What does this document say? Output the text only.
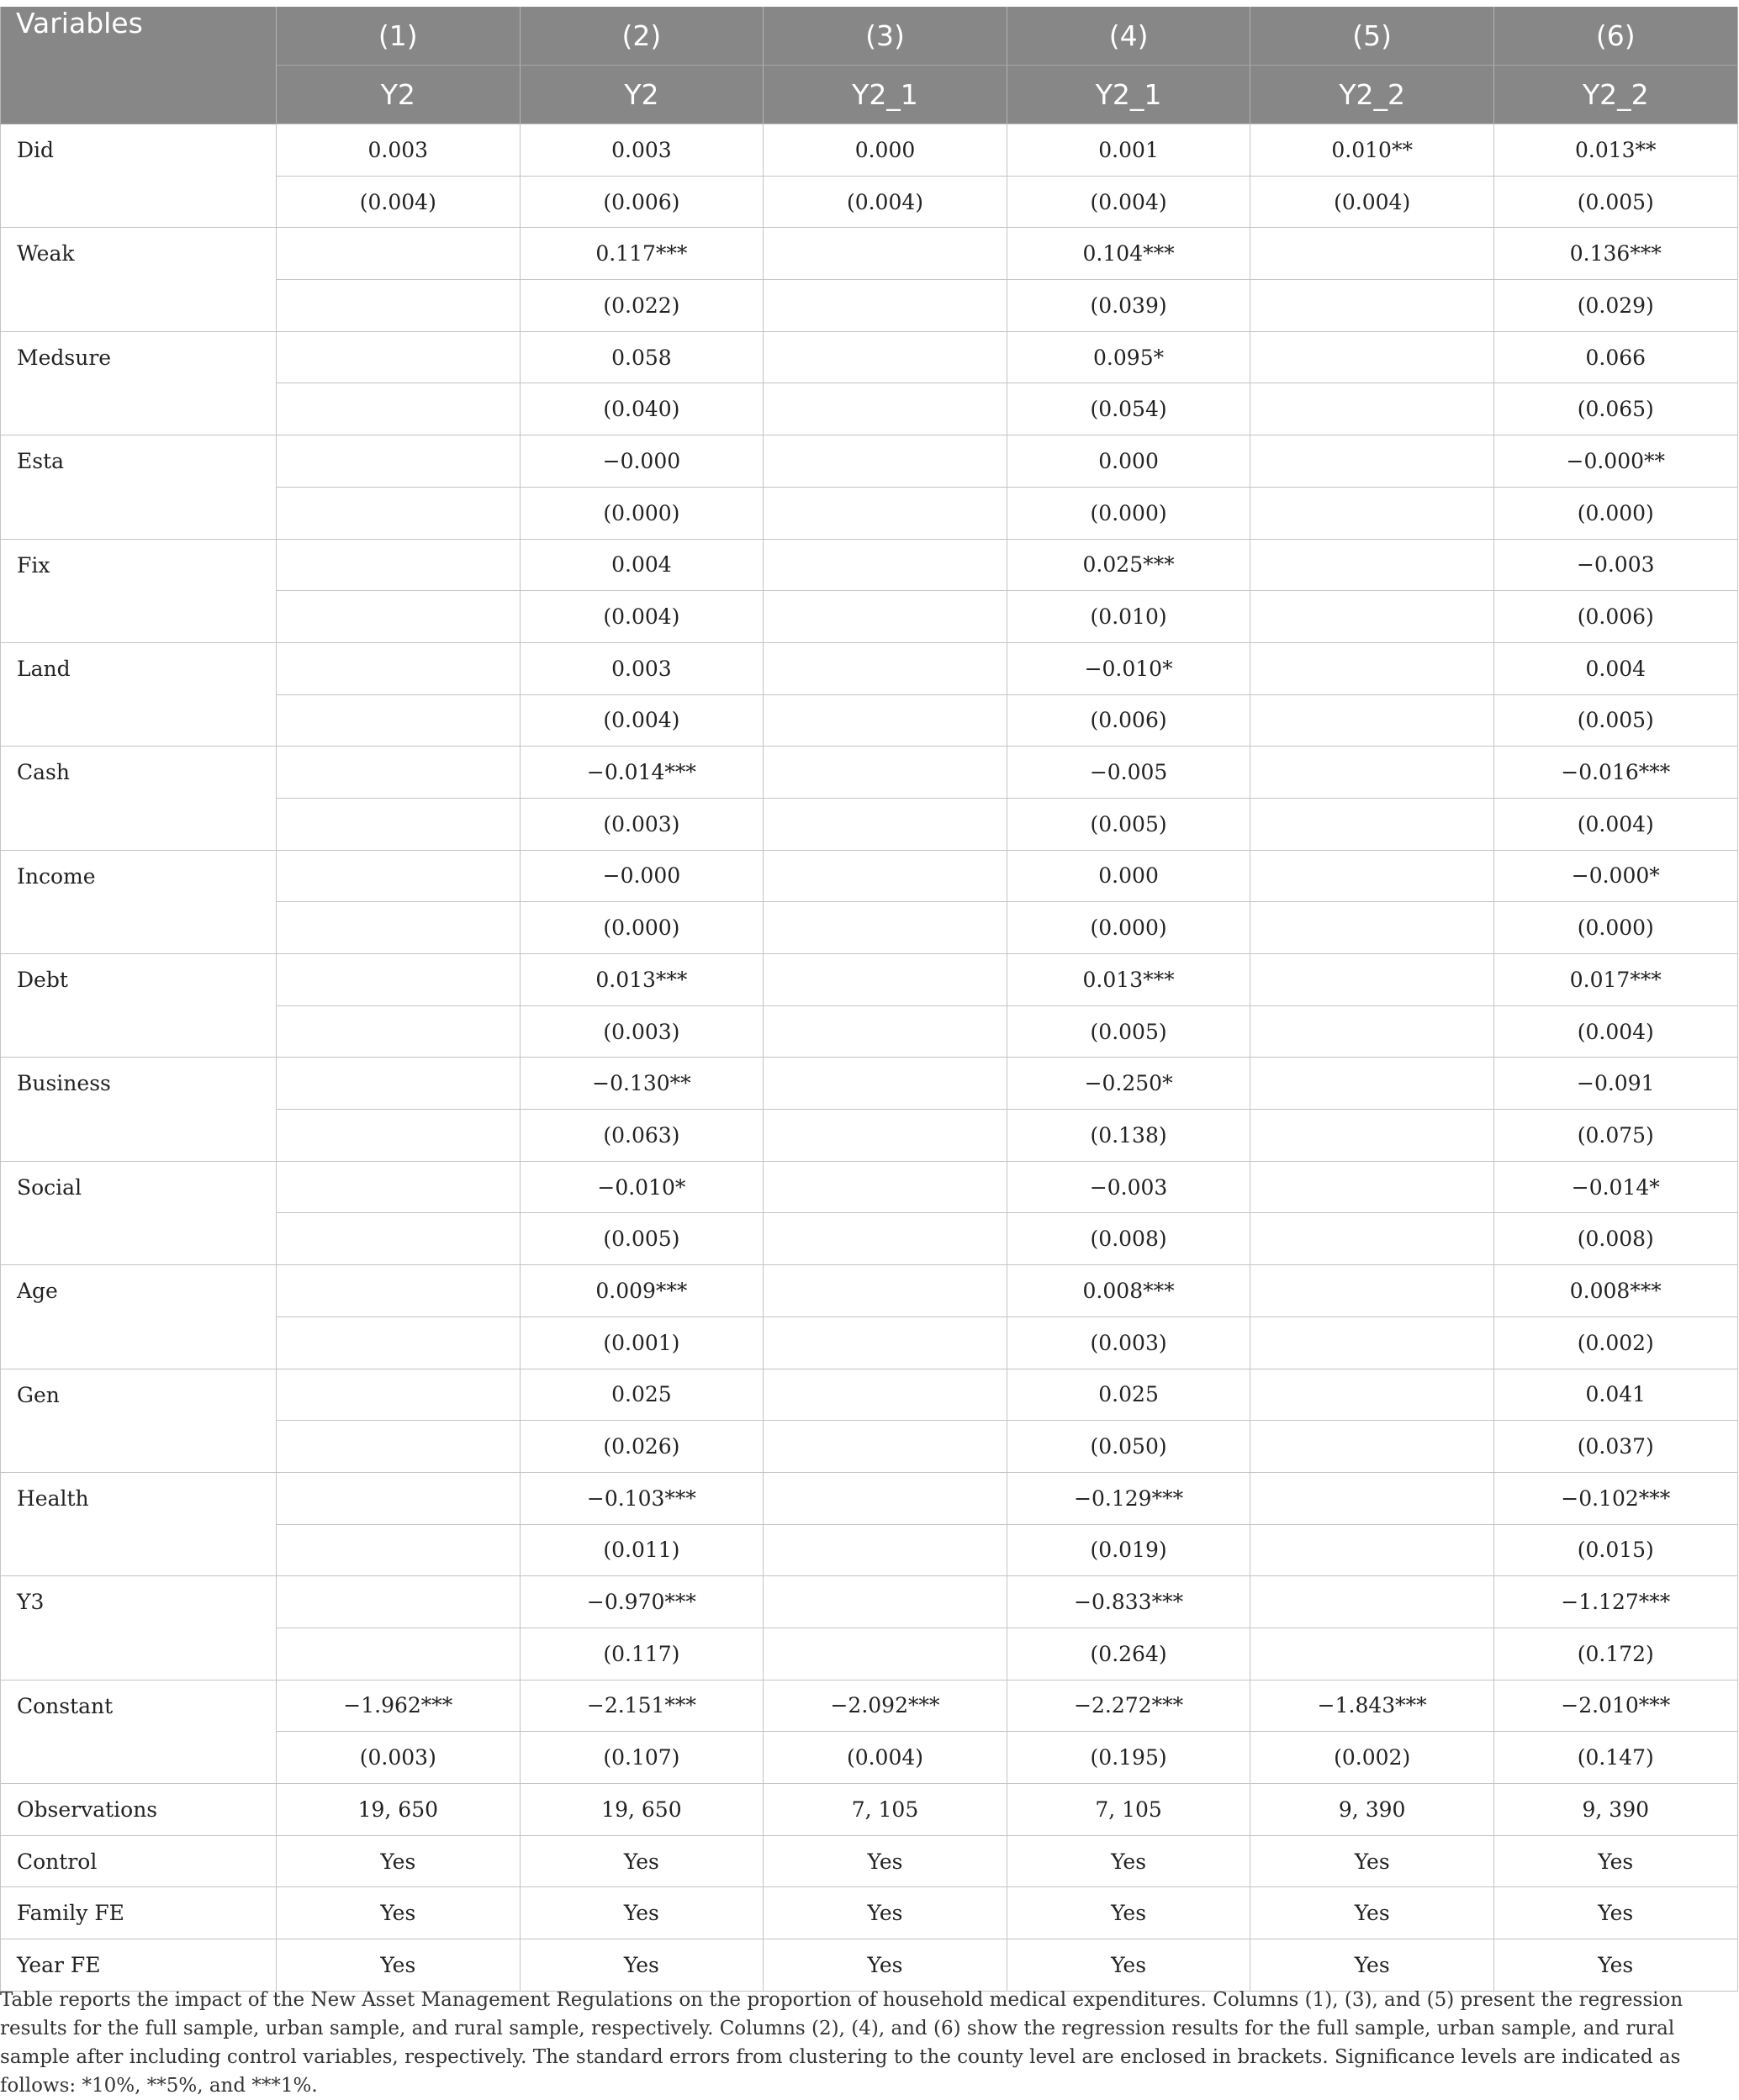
Variables	(1)	(2)	(3)	(4)	(5)	(6)
	Y2	Y2	Y2_1	Y2_1	Y2_2	Y2_2
Did	0.003	0.003	0.000	0.001	0.010**	0.013**
	(0.004)	(0.006)	(0.004)	(0.004)	(0.004)	(0.005)
Weak		0.117***		0.104***		0.136***
		(0.022)		(0.039)		(0.029)
Medsure		0.058		0.095*		0.066
		(0.040)		(0.054)		(0.065)
Esta		−0.000		0.000		−0.000**
		(0.000)		(0.000)		(0.000)
Fix		0.004		0.025***		−0.003
		(0.004)		(0.010)		(0.006)
Land		0.003		−0.010*		0.004
		(0.004)		(0.006)		(0.005)
Cash		−0.014***		−0.005		−0.016***
		(0.003)		(0.005)		(0.004)
Income		−0.000		0.000		−0.000*
		(0.000)		(0.000)		(0.000)
Debt		0.013***		0.013***		0.017***
		(0.003)		(0.005)		(0.004)
Business		−0.130**		−0.250*		−0.091
		(0.063)		(0.138)		(0.075)
Social		−0.010*		−0.003		−0.014*
		(0.005)		(0.008)		(0.008)
Age		0.009***		0.008***		0.008***
		(0.001)		(0.003)		(0.002)
Gen		0.025		0.025		0.041
		(0.026)		(0.050)		(0.037)
Health		−0.103***		−0.129***		−0.102***
		(0.011)		(0.019)		(0.015)
Y3		−0.970***		−0.833***		−1.127***
		(0.117)		(0.264)		(0.172)
Constant	−1.962***	−2.151***	−2.092***	−2.272***	−1.843***	−2.010***
	(0.003)	(0.107)	(0.004)	(0.195)	(0.002)	(0.147)
Observations	19, 650	19, 650	7, 105	7, 105	9, 390	9, 390
Control	Yes	Yes	Yes	Yes	Yes	Yes
Family FE	Yes	Yes	Yes	Yes	Yes	Yes
Year FE	Yes	Yes	Yes	Yes	Yes	Yes

Table reports the impact of the New Asset Management Regulations on the proportion of household medical expenditures. Columns (1), (3), and (5) present the regression results for the full sample, urban sample, and rural sample, respectively. Columns (2), (4), and (6) show the regression results for the full sample, urban sample, and rural sample after including control variables, respectively. The standard errors from clustering to the county level are enclosed in brackets. Significance levels are indicated as follows: *10%, **5%, and ***1%.
